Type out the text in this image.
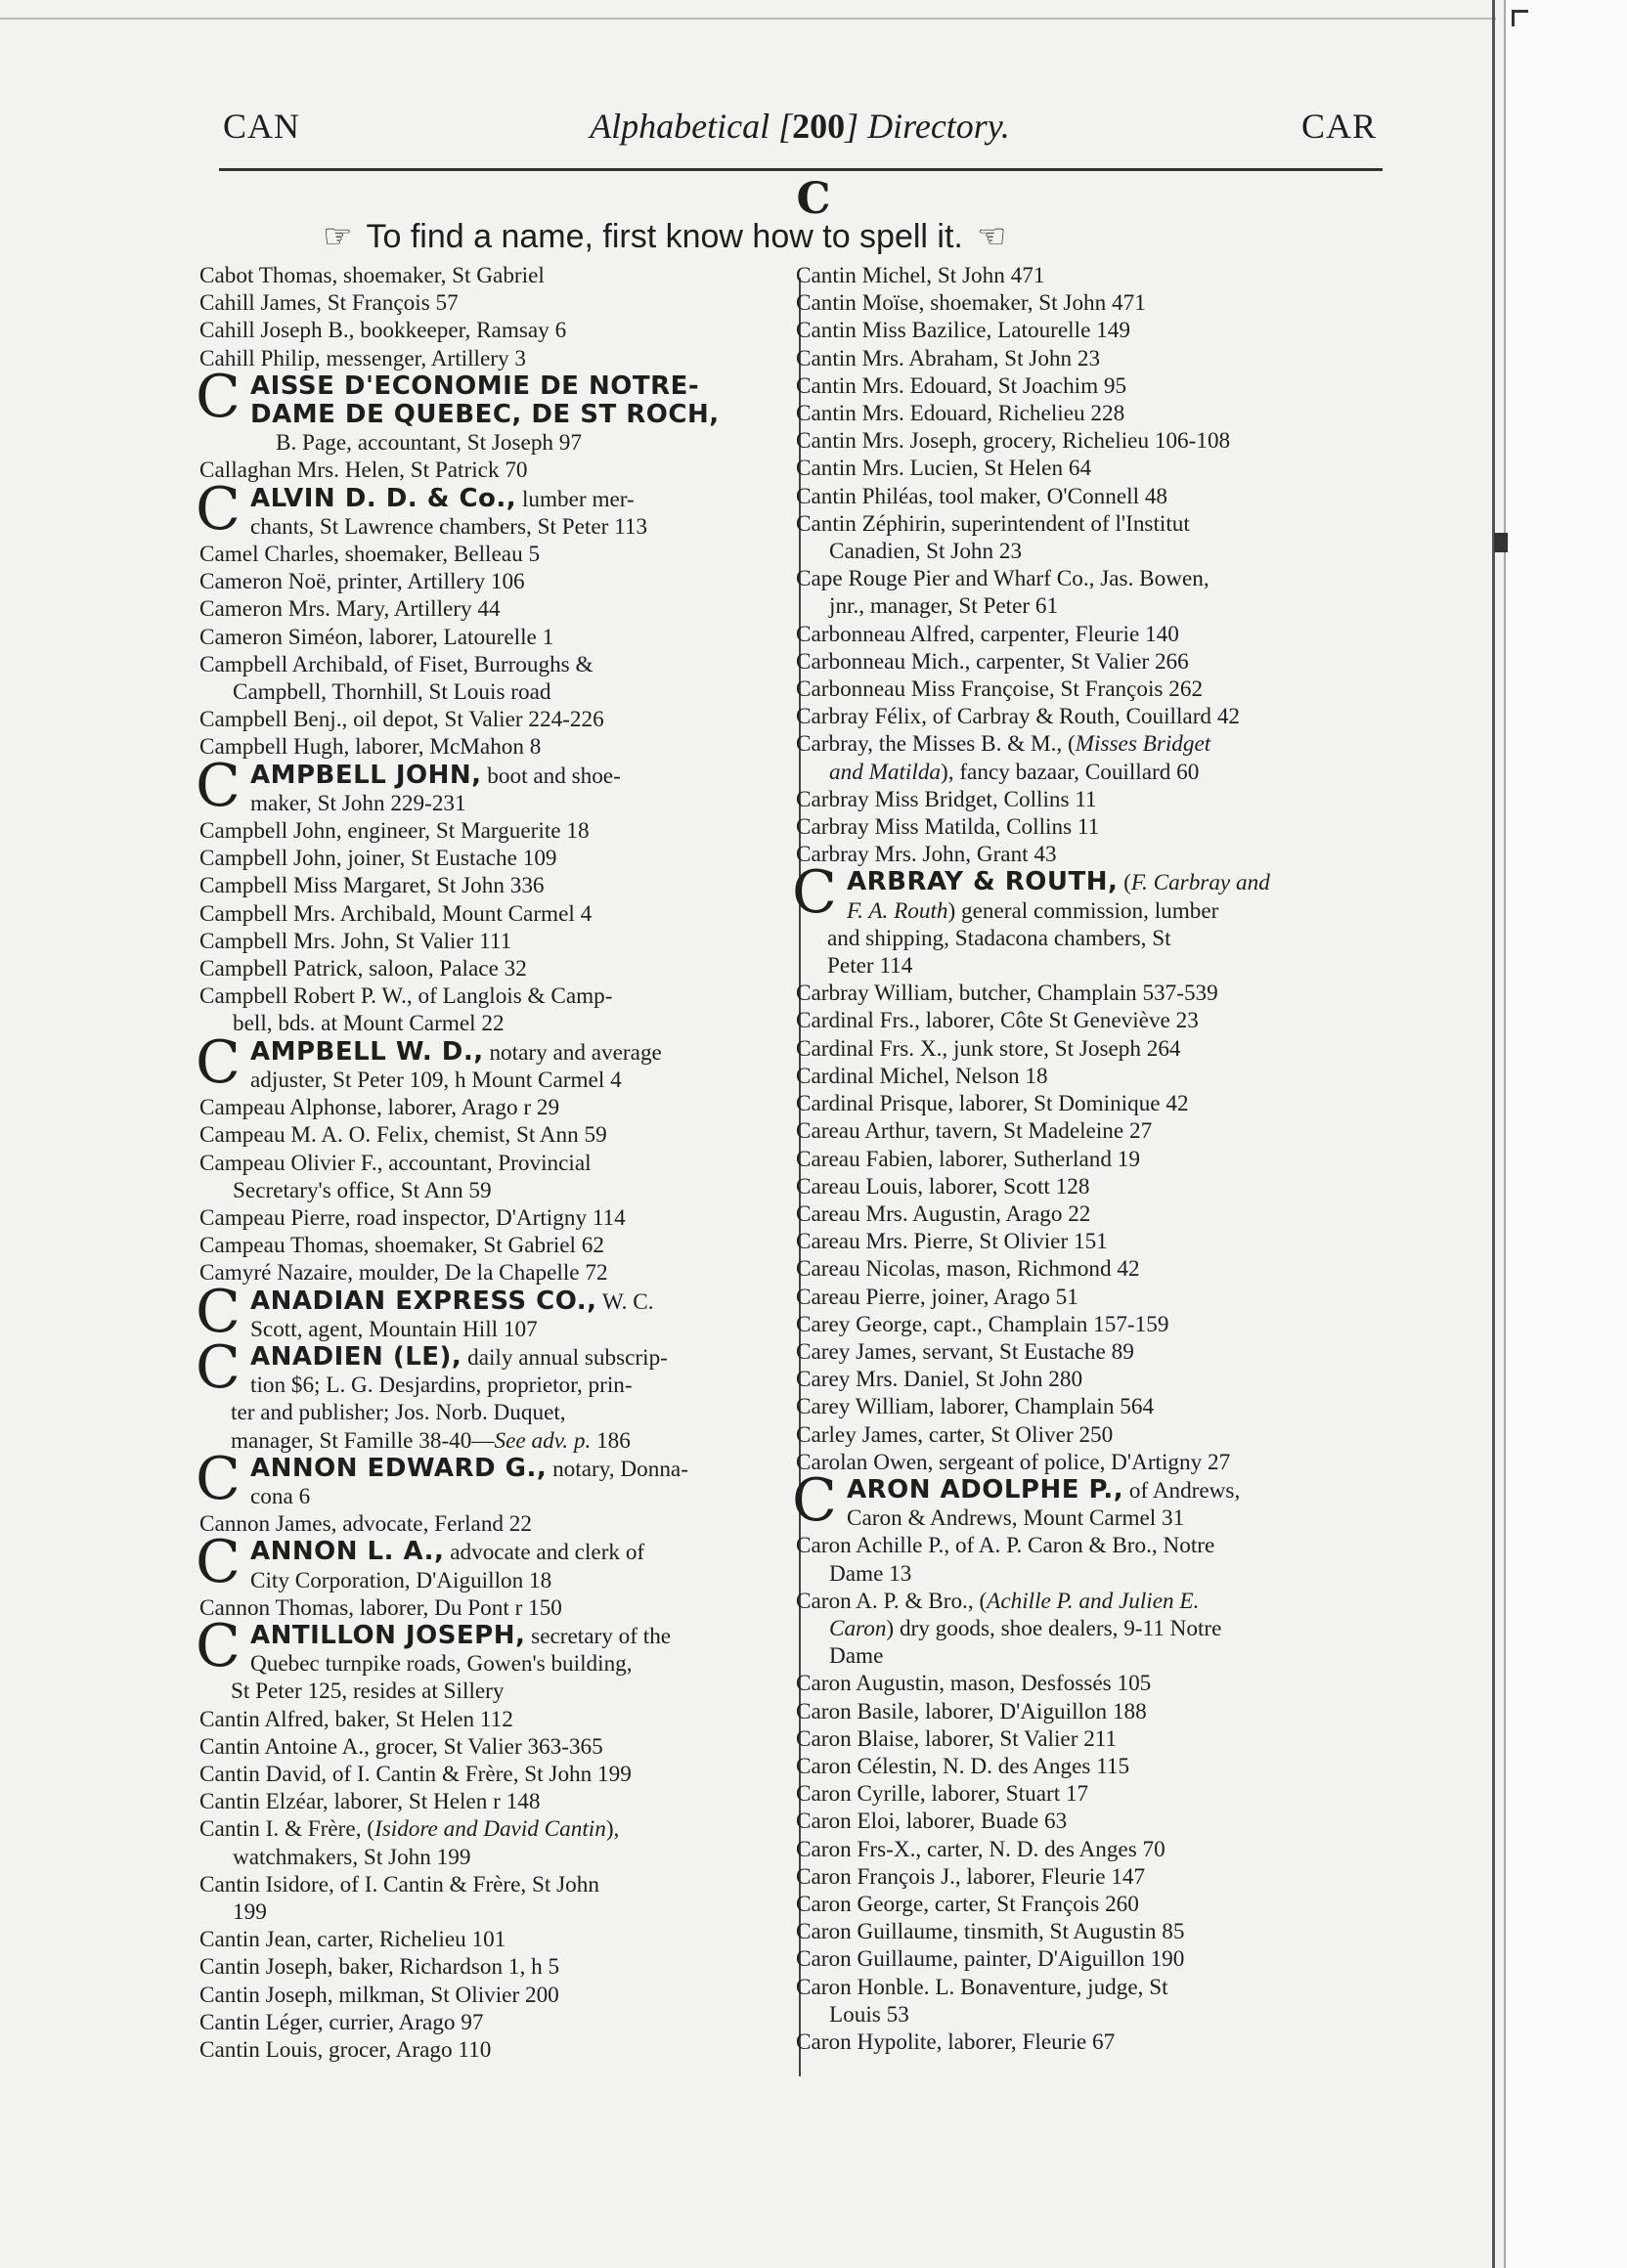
CAN	Alphabetical [200] Directory.	CAR
C
☞ To find a name, first know how to spell it. ☜
Cabot Thomas, shoemaker, St Gabriel
Cahill James, St François 57
Cahill Joseph B., bookkeeper, Ramsay 6
Cahill Philip, messenger, Artillery 3
C AISSE D'ECONOMIE DE NOTRE-
DAME DE QUEBEC, DE ST ROCH,
B. Page, accountant, St Joseph 97
Callaghan Mrs. Helen, St Patrick 70
C ALVIN D. D. & Co., lumber mer-
chants, St Lawrence chambers, St Peter 113
Camel Charles, shoemaker, Belleau 5
Cameron Noë, printer, Artillery 106
Cameron Mrs. Mary, Artillery 44
Cameron Siméon, laborer, Latourelle 1
Campbell Archibald, of Fiset, Burroughs &
Campbell, Thornhill, St Louis road
Campbell Benj., oil depot, St Valier 224-226
Campbell Hugh, laborer, McMahon 8
C AMPBELL JOHN, boot and shoe-
maker, St John 229-231
Campbell John, engineer, St Marguerite 18
Campbell John, joiner, St Eustache 109
Campbell Miss Margaret, St John 336
Campbell Mrs. Archibald, Mount Carmel 4
Campbell Mrs. John, St Valier 111
Campbell Patrick, saloon, Palace 32
Campbell Robert P. W., of Langlois & Camp-
bell, bds. at Mount Carmel 22
C AMPBELL W. D., notary and average
adjuster, St Peter 109, h Mount Carmel 4
Campeau Alphonse, laborer, Arago r 29
Campeau M. A. O. Felix, chemist, St Ann 59
Campeau Olivier F., accountant, Provincial
Secretary's office, St Ann 59
Campeau Pierre, road inspector, D'Artigny 114
Campeau Thomas, shoemaker, St Gabriel 62
Camyré Nazaire, moulder, De la Chapelle 72
C ANADIAN EXPRESS CO., W. C.
Scott, agent, Mountain Hill 107
C ANADIEN (LE), daily annual subscrip-
tion $6; L. G. Desjardins, proprietor, prin-
ter and publisher; Jos. Norb. Duquet,
manager, St Famille 38-40—See adv. p. 186
C ANNON EDWARD G., notary, Donna-
cona 6
Cannon James, advocate, Ferland 22
C ANNON L. A., advocate and clerk of
City Corporation, D'Aiguillon 18
Cannon Thomas, laborer, Du Pont r 150
C ANTILLON JOSEPH, secretary of the
Quebec turnpike roads, Gowen's building,
St Peter 125, resides at Sillery
Cantin Alfred, baker, St Helen 112
Cantin Antoine A., grocer, St Valier 363-365
Cantin David, of I. Cantin & Frère, St John 199
Cantin Elzéar, laborer, St Helen r 148
Cantin I. & Frère, (Isidore and David Cantin),
watchmakers, St John 199
Cantin Isidore, of I. Cantin & Frère, St John
199
Cantin Jean, carter, Richelieu 101
Cantin Joseph, baker, Richardson 1, h 5
Cantin Joseph, milkman, St Olivier 200
Cantin Léger, currier, Arago 97
Cantin Louis, grocer, Arago 110
Cantin Michel, St John 471
Cantin Moïse, shoemaker, St John 471
Cantin Miss Bazilice, Latourelle 149
Cantin Mrs. Abraham, St John 23
Cantin Mrs. Edouard, St Joachim 95
Cantin Mrs. Edouard, Richelieu 228
Cantin Mrs. Joseph, grocery, Richelieu 106-108
Cantin Mrs. Lucien, St Helen 64
Cantin Philéas, tool maker, O'Connell 48
Cantin Zéphirin, superintendent of l'Institut
Canadien, St John 23
Cape Rouge Pier and Wharf Co., Jas. Bowen,
jnr., manager, St Peter 61
Carbonneau Alfred, carpenter, Fleurie 140
Carbonneau Mich., carpenter, St Valier 266
Carbonneau Miss Françoise, St François 262
Carbray Félix, of Carbray & Routh, Couillard 42
Carbray, the Misses B. & M., (Misses Bridget
and Matilda), fancy bazaar, Couillard 60
Carbray Miss Bridget, Collins 11
Carbray Miss Matilda, Collins 11
Carbray Mrs. John, Grant 43
C ARBRAY & ROUTH, (F. Carbray and
F. A. Routh) general commission, lumber
and shipping, Stadacona chambers, St
Peter 114
Carbray William, butcher, Champlain 537-539
Cardinal Frs., laborer, Côte St Geneviève 23
Cardinal Frs. X., junk store, St Joseph 264
Cardinal Michel, Nelson 18
Cardinal Prisque, laborer, St Dominique 42
Careau Arthur, tavern, St Madeleine 27
Careau Fabien, laborer, Sutherland 19
Careau Louis, laborer, Scott 128
Careau Mrs. Augustin, Arago 22
Careau Mrs. Pierre, St Olivier 151
Careau Nicolas, mason, Richmond 42
Careau Pierre, joiner, Arago 51
Carey George, capt., Champlain 157-159
Carey James, servant, St Eustache 89
Carey Mrs. Daniel, St John 280
Carey William, laborer, Champlain 564
Carley James, carter, St Oliver 250
Carolan Owen, sergeant of police, D'Artigny 27
C ARON ADOLPHE P., of Andrews,
Caron & Andrews, Mount Carmel 31
Caron Achille P., of A. P. Caron & Bro., Notre
Dame 13
Caron A. P. & Bro., (Achille P. and Julien E.
Caron) dry goods, shoe dealers, 9-11 Notre
Dame
Caron Augustin, mason, Desfossés 105
Caron Basile, laborer, D'Aiguillon 188
Caron Blaise, laborer, St Valier 211
Caron Célestin, N. D. des Anges 115
Caron Cyrille, laborer, Stuart 17
Caron Eloi, laborer, Buade 63
Caron Frs-X., carter, N. D. des Anges 70
Caron François J., laborer, Fleurie 147
Caron George, carter, St François 260
Caron Guillaume, tinsmith, St Augustin 85
Caron Guillaume, painter, D'Aiguillon 190
Caron Honble. L. Bonaventure, judge, St
Louis 53
Caron Hypolite, laborer, Fleurie 67
